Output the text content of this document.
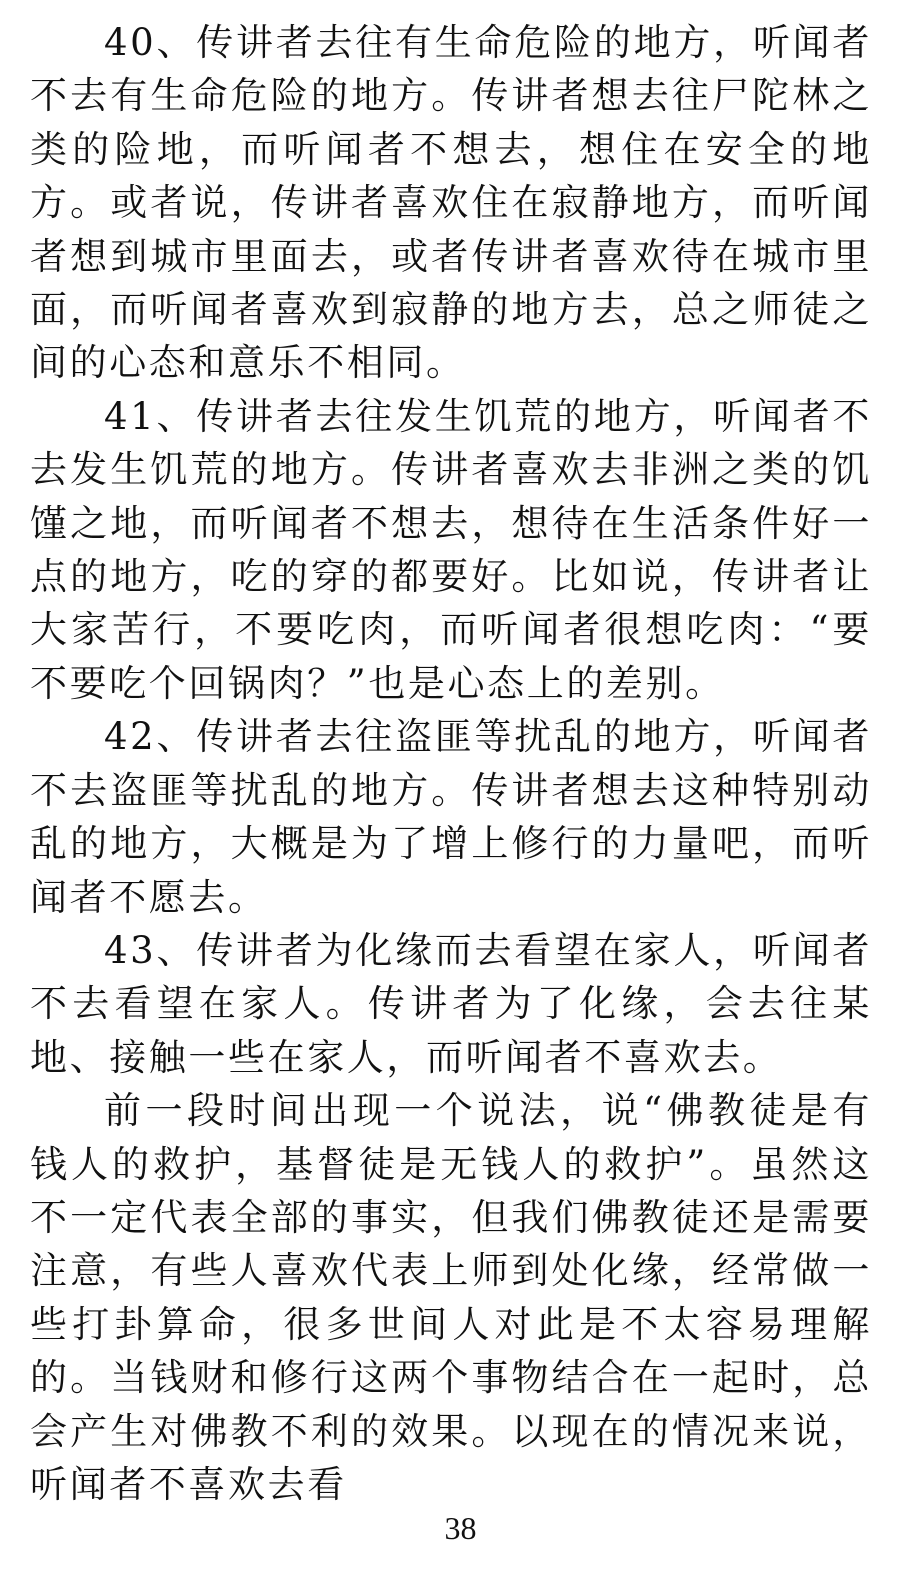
40、传讲者去往有生命危险的地方，听闻者不去有生命危险的地方。传讲者想去往尸陀林之类的险地，而听闻者不想去，想住在安全的地方。或者说，传讲者喜欢住在寂静地方，而听闻者想到城市里面去，或者传讲者喜欢待在城市里面，而听闻者喜欢到寂静的地方去，总之师徒之间的心态和意乐不相同。

41、传讲者去往发生饥荒的地方，听闻者不去发生饥荒的地方。传讲者喜欢去非洲之类的饥馑之地，而听闻者不想去，想待在生活条件好一点的地方，吃的穿的都要好。比如说，传讲者让大家苦行，不要吃肉，而听闻者很想吃肉：“要不要吃个回锅肉？”也是心态上的差别。

42、传讲者去往盗匪等扰乱的地方，听闻者不去盗匪等扰乱的地方。传讲者想去这种特别动乱的地方，大概是为了增上修行的力量吧，而听闻者不愿去。

43、传讲者为化缘而去看望在家人，听闻者不去看望在家人。传讲者为了化缘，会去往某地、接触一些在家人，而听闻者不喜欢去。

前一段时间出现一个说法，说“佛教徒是有钱人的救护，基督徒是无钱人的救护”。虽然这不一定代表全部的事实，但我们佛教徒还是需要注意，有些人喜欢代表上师到处化缘，经常做一些打卦算命，很多世间人对此是不太容易理解的。当钱财和修行这两个事物结合在一起时，总会产生对佛教不利的效果。以现在的情况来说，听闻者不喜欢去看

38
